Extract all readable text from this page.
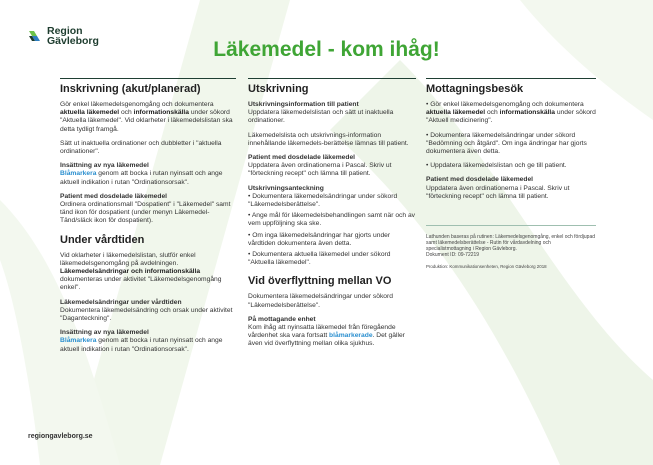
Region
Gävleborg	Läkemedel - kom ihåg!
Inskrivning (akut/planerad)

Gör enkel läkemedelsgenomgång och dokumentera aktuella läkemedel och informationskälla under sökord "Aktuella läkemedel". Vid oklarheter i läkemedelslistan ska detta tydligt framgå.

Sätt ut inaktuella ordinationer och dubbletter i "aktuella ordinationer".

Insättning av nya läkemedel

Blåmarkera genom att bocka i rutan nyinsatt och ange aktuell indikation i rutan "Ordinationsorsak".

Patient med dosdelade läkemedel

Ordinera ordinationsmall "Dospatient" i "Läkemedel" samt tänd ikon för dospatient (under menyn Läkemedel-Tänd/släck ikon för dospatient).

Under vårdtiden

Vid oklarheter i läkemedelslistan, slutför enkel läkemedelsgenomgång på avdelningen. Läkemedelsändringar och informationskälla dokumenteras under aktivitet "Läkemedelsgenomgång enkel".

Läkemedelsändringar under vårdtiden

Dokumentera läkemedelsändring och orsak under aktivitet "Daganteckning".

Insättning av nya läkemedel

Blåmarkera genom att bocka i rutan nyinsatt och ange aktuell indikation i rutan "Ordinationsorsak".

Utskrivning
Utskrivningsinformation till patient

Uppdatera läkemedelslistan och sätt ut inaktuella ordinationer.

Läkemedelslista och utskrivnings-information innehållande läkemedels-berättelse lämnas till patient.

Patient med dosdelade läkemedel

Uppdatera även ordinationerna i Pascal. Skriv ut "förteckning recept" och lämna till patient.

Utskrivningsanteckning

• Dokumentera läkemedelsändringar under sökord "Läkemedelsberättelse".

• Ange mål för läkemedelsbehandlingen samt när och av vem uppföljning ska ske.

• Om inga läkemedelsändringar har gjorts under vårdtiden dokumentera även detta.

• Dokumentera aktuella läkemedel under sökord "Aktuella läkemedel".

Vid överflyttning mellan VO

Dokumentera läkemedelsändringar under sökord "Läkemedelsberättelse".

På mottagande enhet

Kom ihåg att nyinsatta läkemedel från föregående vårdenhet ska vara fortsatt blåmarkerade. Det gäller även vid överflyttning mellan olika sjukhus.

Mottagningsbesök

• Gör enkel läkemedelsgenomgång och dokumentera aktuella läkemedel och informationskälla under sökord "Aktuell medicinering".

• Dokumentera läkemedelsändringar under sökord "Bedömning och åtgärd". Om inga ändringar har gjorts dokumentera även detta.

• Uppdatera läkemedelslistan och ge till patient.

Patient med dosdelade läkemedel

Uppdatera även ordinationerna i Pascal. Skriv ut "förteckning recept" och lämna till patient.

Lathunden baseras på rutinen: Läkemedelsgenomgång, enkel och fördjupad samt läkemedelsberättelse - Rutin för vårdavdelning och specialistmottagning i Region Gävleborg.

Dokument ID: 09-72219

Produktion: Kommunikationsenheten, Region Gävleborg 2018

regiongavleborg.se
